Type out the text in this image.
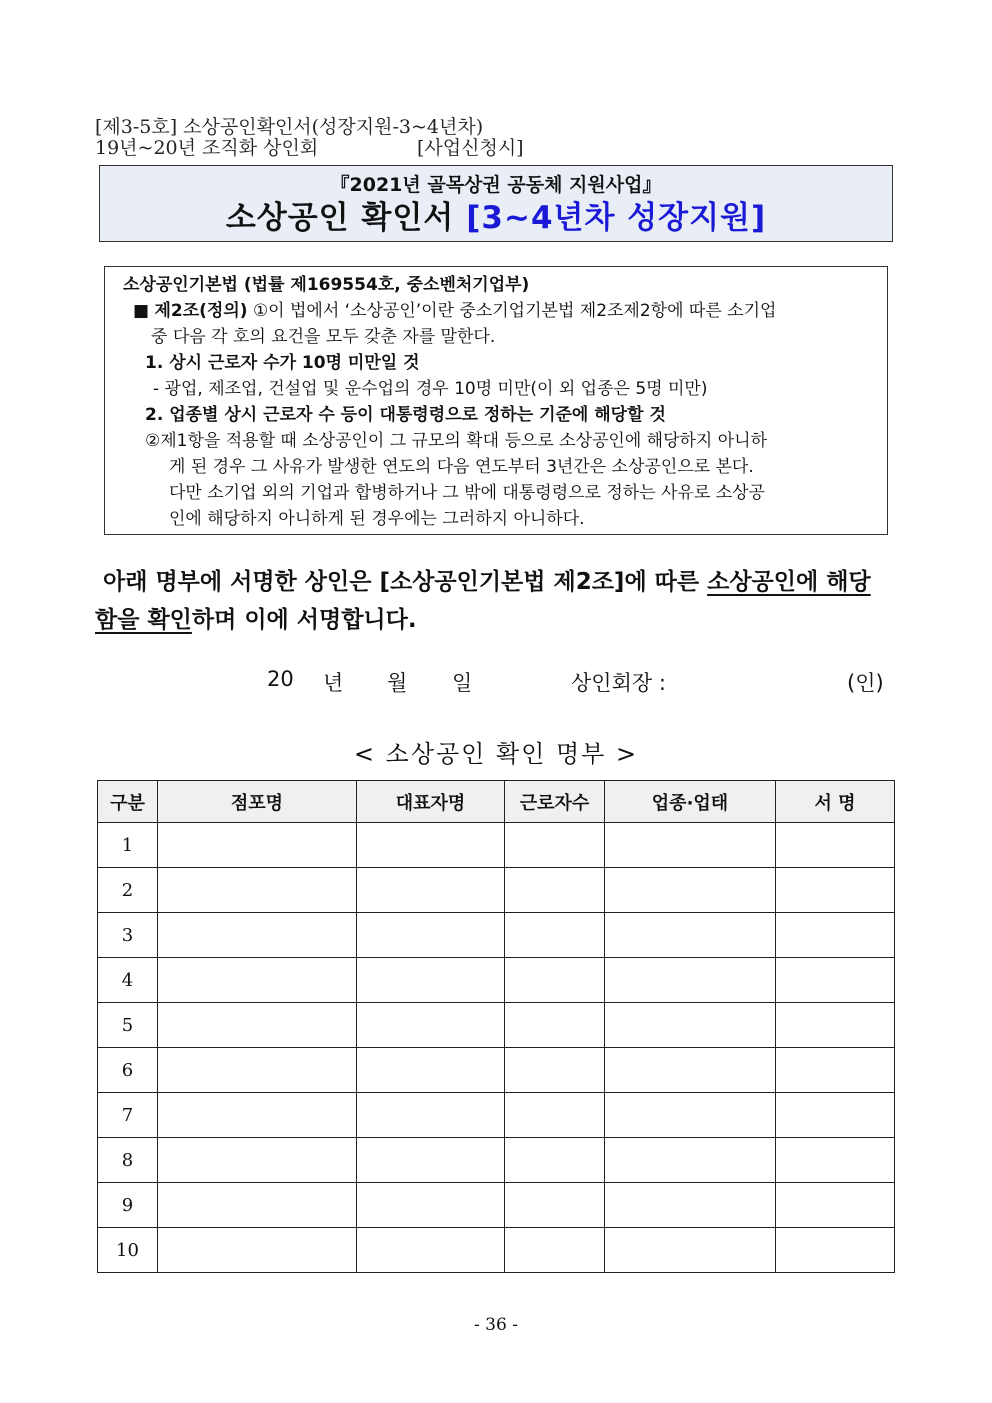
[제3-5호] 소상공인확인서(성장지원-3~4년차)
19년~20년 조직화 상인회	[사업신청시]
『2021년 골목상권 공동체 지원사업』
소상공인 확인서 [3~4년차 성장지원]
소상공인기본법 (법률 제169554호, 중소벤처기업부)
■ 제2조(정의) ①이 법에서 ‘소상공인’이란 중소기업기본법 제2조제2항에 따른 소기업
중 다음 각 호의 요건을 모두 갖춘 자를 말한다.
1. 상시 근로자 수가 10명 미만일 것
- 광업, 제조업, 건설업 및 운수업의 경우 10명 미만(이 외 업종은 5명 미만)
2. 업종별 상시 근로자 수 등이 대통령령으로 정하는 기준에 해당할 것
②제1항을 적용할 때 소상공인이 그 규모의 확대 등으로 소상공인에 해당하지 아니하
게 된 경우 그 사유가 발생한 연도의 다음 연도부터 3년간은 소상공인으로 본다.
다만 소기업 외의 기업과 합병하거나 그 밖에 대통령령으로 정하는 사유로 소상공
인에 해당하지 아니하게 된 경우에는 그러하지 아니하다.
아래 명부에 서명한 상인은 [소상공인기본법 제2조]에 따른 소상공인에 해당
함을 확인하며 이에 서명합니다.
20 년 월 일	상인회장 :	(인)
< 소상공인 확인 명부 >
구분	점포명	대표자명	근로자수	업종·업태	서 명
1					
2					
3					
4					
5					
6					
7					
8					
9					
10					
- 36 -
